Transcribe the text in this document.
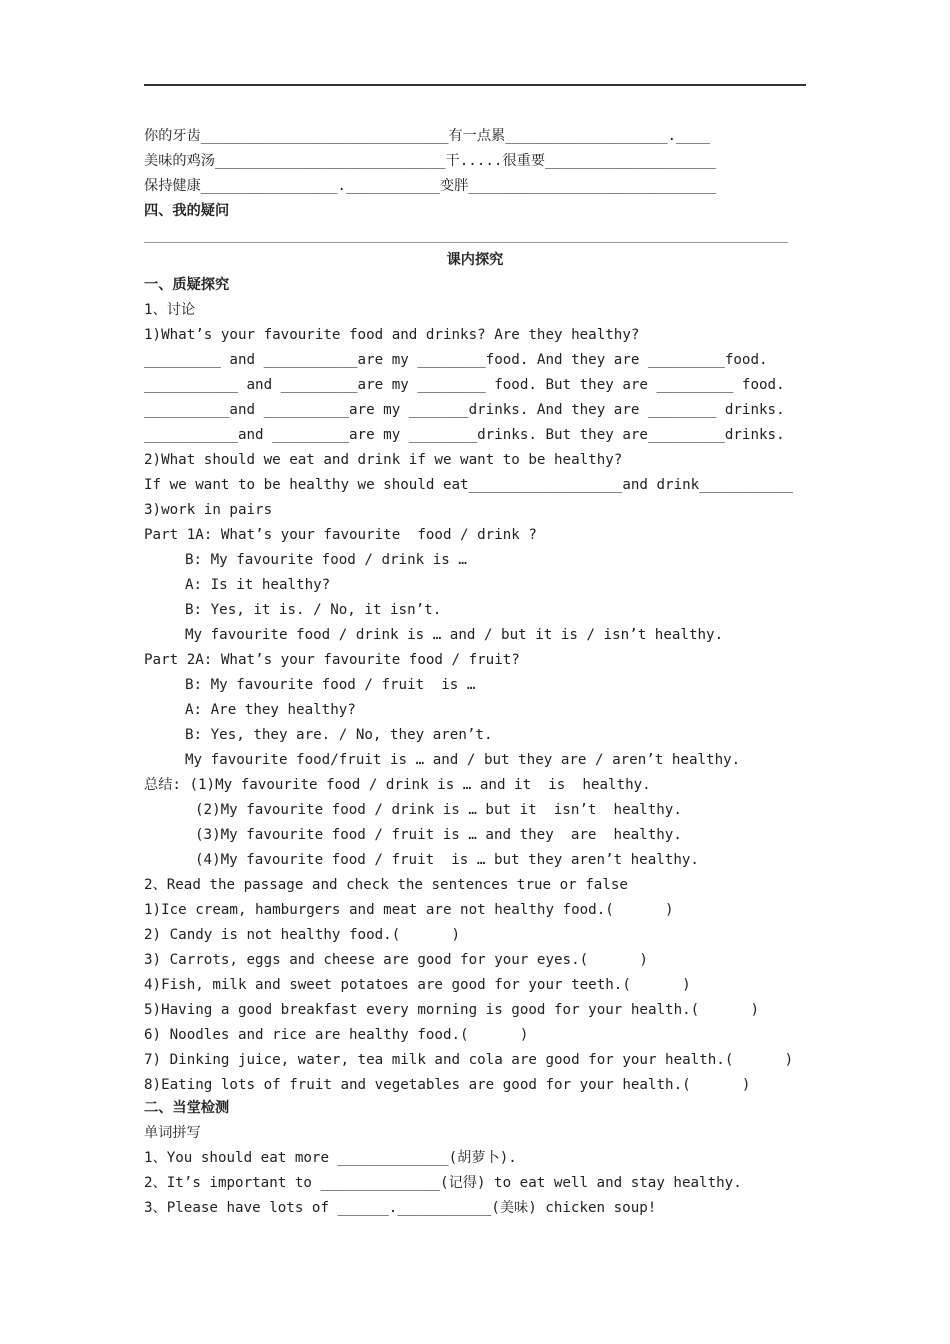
你的牙齿_____________________________有一点累___________________.____
美味的鸡汤___________________________干.....很重要____________________
保持健康________________.___________变胖_____________________________
四、我的疑问
课内探究
一、质疑探究
1、讨论
1)What’s your favourite food and drinks? Are they healthy?
_________ and ___________are my ________food. And they are _________food.
___________ and _________are my ________ food. But they are _________ food.
__________and __________are my _______drinks. And they are ________ drinks.
___________and _________are my ________drinks. But they are_________drinks.
2)What should we eat and drink if we want to be healthy?
If we want to be healthy we should eat__________________and drink___________
3)work in pairs
Part 1A: What’s your favourite  food / drink ?
B: My favourite food / drink is …
A: Is it healthy?
B: Yes, it is. / No, it isn’t.
My favourite food / drink is … and / but it is / isn’t healthy.
Part 2A: What’s your favourite food / fruit?
B: My favourite food / fruit  is …
A: Are they healthy?
B: Yes, they are. / No, they aren’t.
My favourite food/fruit is … and / but they are / aren’t healthy.
总结: (1)My favourite food / drink is … and it  is  healthy.
(2)My favourite food / drink is … but it  isn’t  healthy.
(3)My favourite food / fruit is … and they  are  healthy.
(4)My favourite food / fruit  is … but they aren’t healthy.
2、Read the passage and check the sentences true or false
1)Ice cream, hamburgers and meat are not healthy food.(      )
2) Candy is not healthy food.(      )
3) Carrots, eggs and cheese are good for your eyes.(      )
4)Fish, milk and sweet potatoes are good for your teeth.(      )
5)Having a good breakfast every morning is good for your health.(      )
6) Noodles and rice are healthy food.(      )
7) Dinking juice, water, tea milk and cola are good for your health.(      )
8)Eating lots of fruit and vegetables are good for your health.(      )
二、当堂检测
单词拼写
1、You should eat more _____________(胡萝卜).
2、It’s important to ______________(记得) to eat well and stay healthy.
3、Please have lots of ______.___________(美味) chicken soup!
